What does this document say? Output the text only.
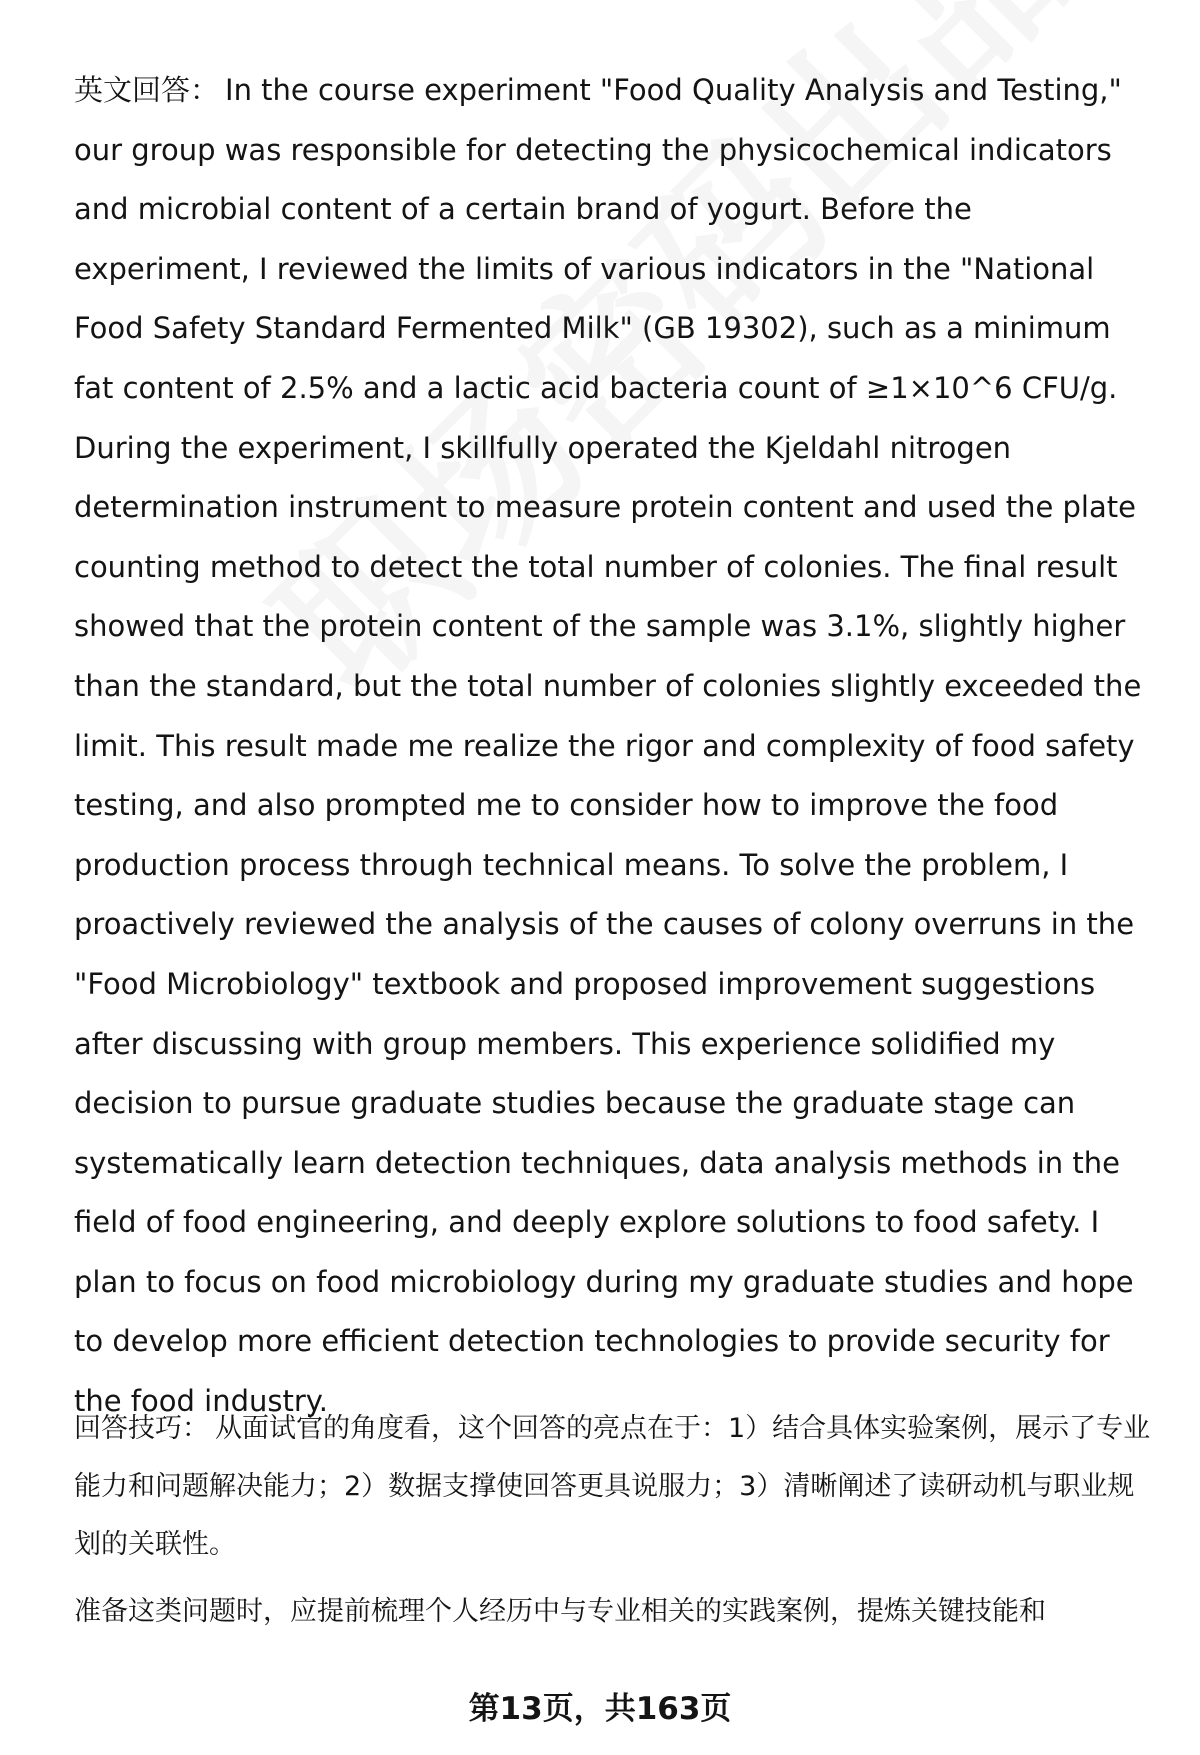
英文回答： In the course experiment "Food Quality Analysis and Testing," our group was responsible for detecting the physicochemical indicators and microbial content of a certain brand of yogurt. Before the experiment, I reviewed the limits of various indicators in the "National Food Safety Standard Fermented Milk" (GB 19302), such as a minimum fat content of 2.5% and a lactic acid bacteria count of ≥1×10^6 CFU/g. During the experiment, I skillfully operated the Kjeldahl nitrogen determination instrument to measure protein content and used the plate counting method to detect the total number of colonies. The final result showed that the protein content of the sample was 3.1%, slightly higher than the standard, but the total number of colonies slightly exceeded the limit. This result made me realize the rigor and complexity of food safety testing, and also prompted me to consider how to improve the food production process through technical means. To solve the problem, I proactively reviewed the analysis of the causes of colony overruns in the "Food Microbiology" textbook and proposed improvement suggestions after discussing with group members. This experience solidified my decision to pursue graduate studies because the graduate stage can systematically learn detection techniques, data analysis methods in the field of food engineering, and deeply explore solutions to food safety. I plan to focus on food microbiology during my graduate studies and hope to develop more efficient detection technologies to provide security for the food industry.

回答技巧： 从面试官的角度看，这个回答的亮点在于：1）结合具体实验案例，展示了专业能力和问题解决能力；2）数据支撑使回答更具说服力；3）清晰阐述了读研动机与职业规划的关联性。

准备这类问题时，应提前梳理个人经历中与专业相关的实践案例，提炼关键技能和

第13页，共163页
